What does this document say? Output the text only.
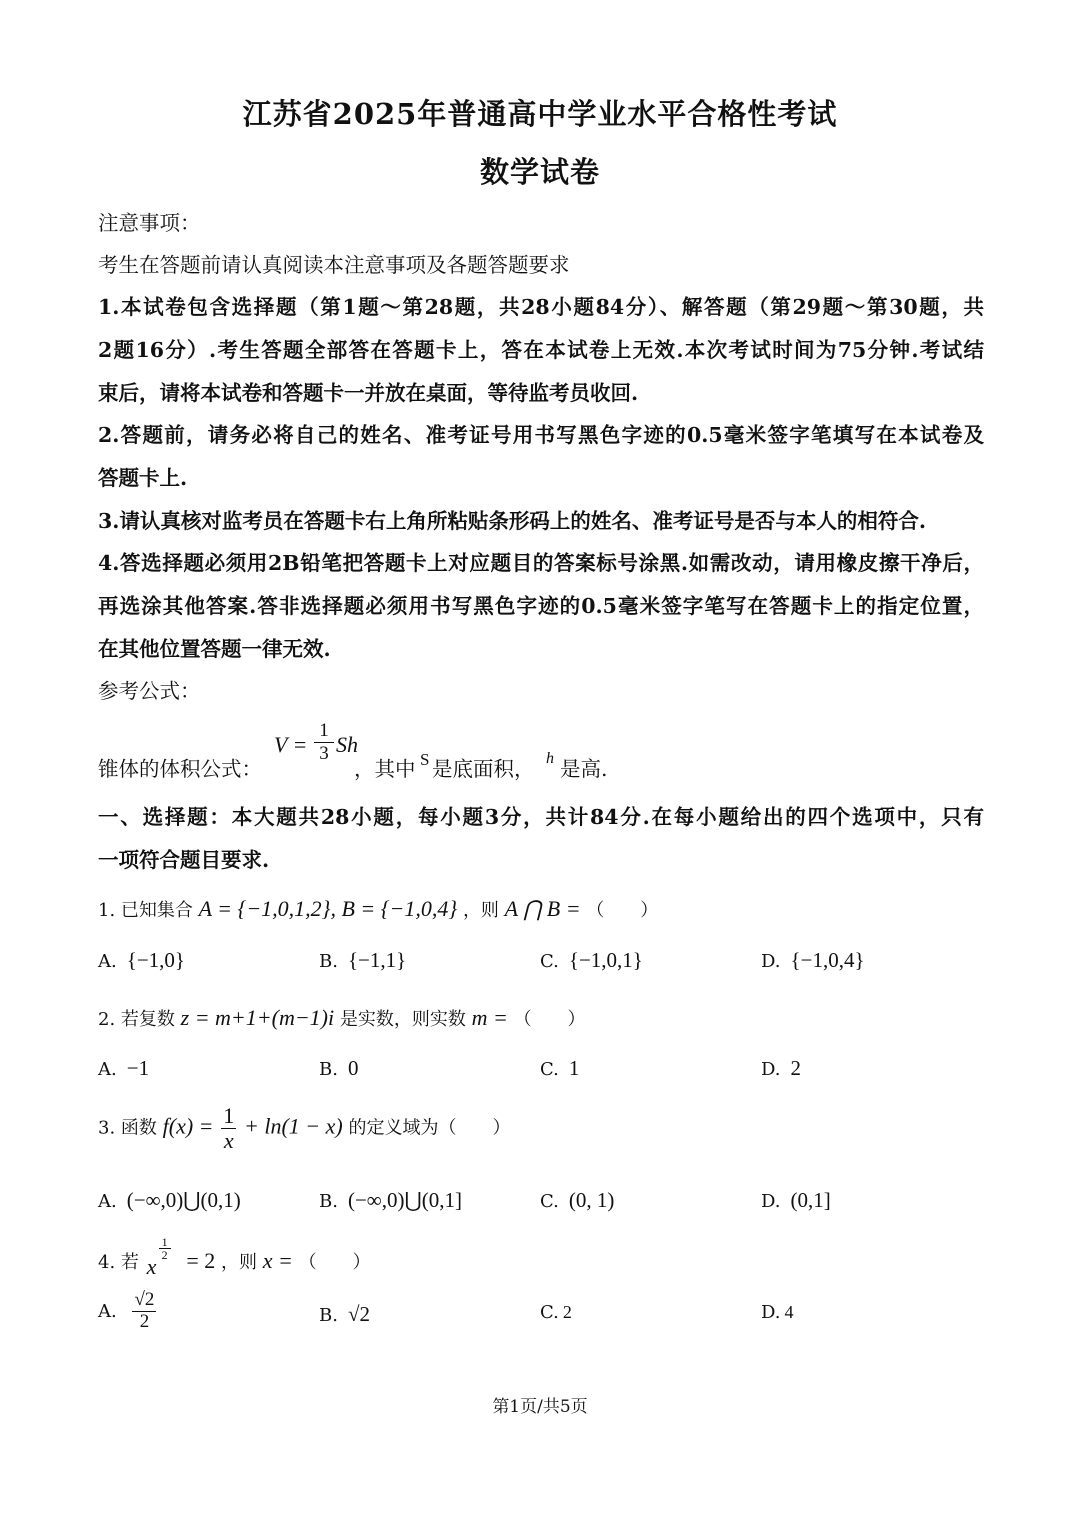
江苏省2025年普通高中学业水平合格性考试
数学试卷
注意事项：
考生在答题前请认真阅读本注意事项及各题答题要求
1.本试卷包含选择题（第1题～第28题，共28小题84分）、解答题（第29题～第30题，共
2题16分）.考生答题全部答在答题卡上，答在本试卷上无效.本次考试时间为75分钟.考试结
束后，请将本试卷和答题卡一并放在桌面，等待监考员收回.
2.答题前，请务必将自己的姓名、准考证号用书写黑色字迹的0.5毫米签字笔填写在本试卷及
答题卡上.
3.请认真核对监考员在答题卡右上角所粘贴条形码上的姓名、准考证号是否与本人的相符合.
4.答选择题必须用2B铅笔把答题卡上对应题目的答案标号涂黑.如需改动，请用橡皮擦干净后，
再选涂其他答案.答非选择题必须用书写黑色字迹的0.5毫米签字笔写在答题卡上的指定位置，
在其他位置答题一律无效.
参考公式：
锥体的体积公式：
$V = \frac{1}{3}$ Sh
，其中 S 是底面积， h 是高.
一、选择题：本大题共28小题，每小题3分，共计84分.在每小题给出的四个选项中，只有
一项符合题目要求.
1. 已知集合 A = {−1,0,1,2}, B = {−1,0,4} ，则 A ⋂ B = （　　）
A. {−1,0}	B. {−1,1}	C. {−1,0,1}	D. {−1,0,4}
2. 若复数 z = m+1+(m−1)i 是实数，则实数 m = （　　）
A. −1	B. 0	C. 1	D. 2
3. 函数 $f(x) = \frac{1}{x} + \ln(1 - x)$ 的定义域为（　　）
A. (−∞,0)⋃(0,1)	B. (−∞,0)⋃(0,1]	C. (0, 1)	D. (0,1]
4. 若 x
$\frac{1}{2} = 2$ ，则 x = （　　）
A. $\frac{√2}{2}$	B. √2	C. 2	D. 4
第1页/共5页
